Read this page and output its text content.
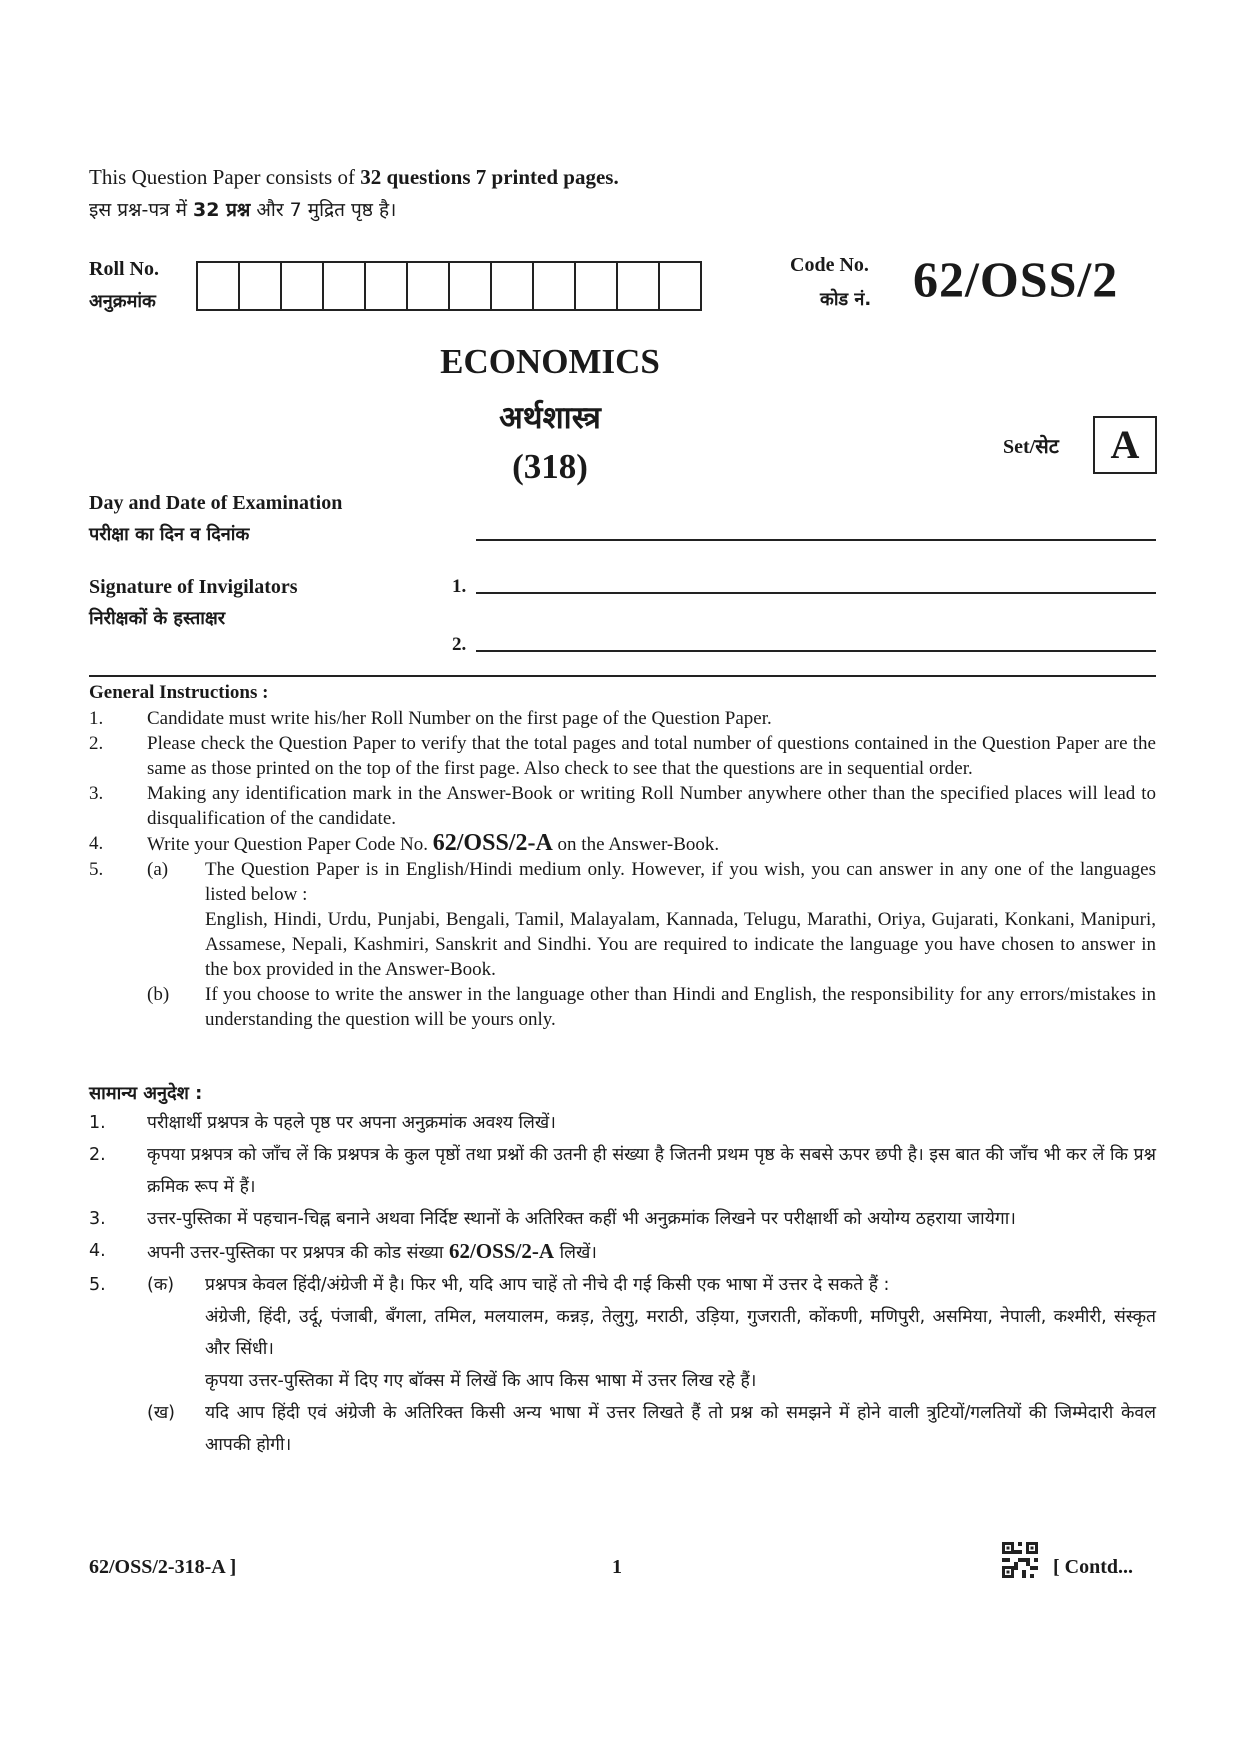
This Question Paper consists of 32 questions 7 printed pages.
इस प्रश्न-पत्र में 32 प्रश्न और 7 मुद्रित पृष्ठ है।
Roll No.
अनुक्रमांक
Code No.
कोड नं. 62/OSS/2
ECONOMICS
अर्थशास्त्र
(318)	Set/सेट	A
Day and Date of Examination
परीक्षा का दिन व दिनांक
Signature of Invigilators
निरीक्षकों के हस्ताक्षर
1.
2.
General Instructions :
1.	Candidate must write his/her Roll Number on the first page of the Question Paper.
2.	Please check the Question Paper to verify that the total pages and total number of questions contained in the Question Paper are the same as those printed on the top of the first page. Also check to see that the questions are in sequential order.
3.	Making any identification mark in the Answer-Book or writing Roll Number anywhere other than the specified places will lead to disqualification of the candidate.
4.	Write your Question Paper Code No. 62/OSS/2-A on the Answer-Book.
5.	(a)	The Question Paper is in English/Hindi medium only. However, if you wish, you can answer in any one of the languages listed below :
English, Hindi, Urdu, Punjabi, Bengali, Tamil, Malayalam, Kannada, Telugu, Marathi, Oriya, Gujarati, Konkani, Manipuri, Assamese, Nepali, Kashmiri, Sanskrit and Sindhi. You are required to indicate the language you have chosen to answer in the box provided in the Answer-Book.
(b)	If you choose to write the answer in the language other than Hindi and English, the responsibility for any errors/mistakes in understanding the question will be yours only.
सामान्य अनुदेश :
1.	परीक्षार्थी प्रश्नपत्र के पहले पृष्ठ पर अपना अनुक्रमांक अवश्य लिखें।
2.	कृपया प्रश्नपत्र को जाँच लें कि प्रश्नपत्र के कुल पृष्ठों तथा प्रश्नों की उतनी ही संख्या है जितनी प्रथम पृष्ठ के सबसे ऊपर छपी है। इस बात की जाँच भी कर लें कि प्रश्न क्रमिक रूप में हैं।
3.	उत्तर-पुस्तिका में पहचान-चिह्न बनाने अथवा निर्दिष्ट स्थानों के अतिरिक्त कहीं भी अनुक्रमांक लिखने पर परीक्षार्थी को अयोग्य ठहराया जायेगा।
4.	अपनी उत्तर-पुस्तिका पर प्रश्नपत्र की कोड संख्या 62/OSS/2-A लिखें।
5.	(क)	प्रश्नपत्र केवल हिंदी/अंग्रेजी में है। फिर भी, यदि आप चाहें तो नीचे दी गई किसी एक भाषा में उत्तर दे सकते हैं :
अंग्रेजी, हिंदी, उर्दू, पंजाबी, बँगला, तमिल, मलयालम, कन्नड़, तेलुगु, मराठी, उड़िया, गुजराती, कोंकणी, मणिपुरी, असमिया, नेपाली, कश्मीरी, संस्कृत और सिंधी।
कृपया उत्तर-पुस्तिका में दिए गए बॉक्स में लिखें कि आप किस भाषा में उत्तर लिख रहे हैं।
(ख)	यदि आप हिंदी एवं अंग्रेजी के अतिरिक्त किसी अन्य भाषा में उत्तर लिखते हैं तो प्रश्न को समझने में होने वाली त्रुटियों/गलतियों की जिम्मेदारी केवल आपकी होगी।
62/OSS/2-318-A ]	1	[ Contd...
